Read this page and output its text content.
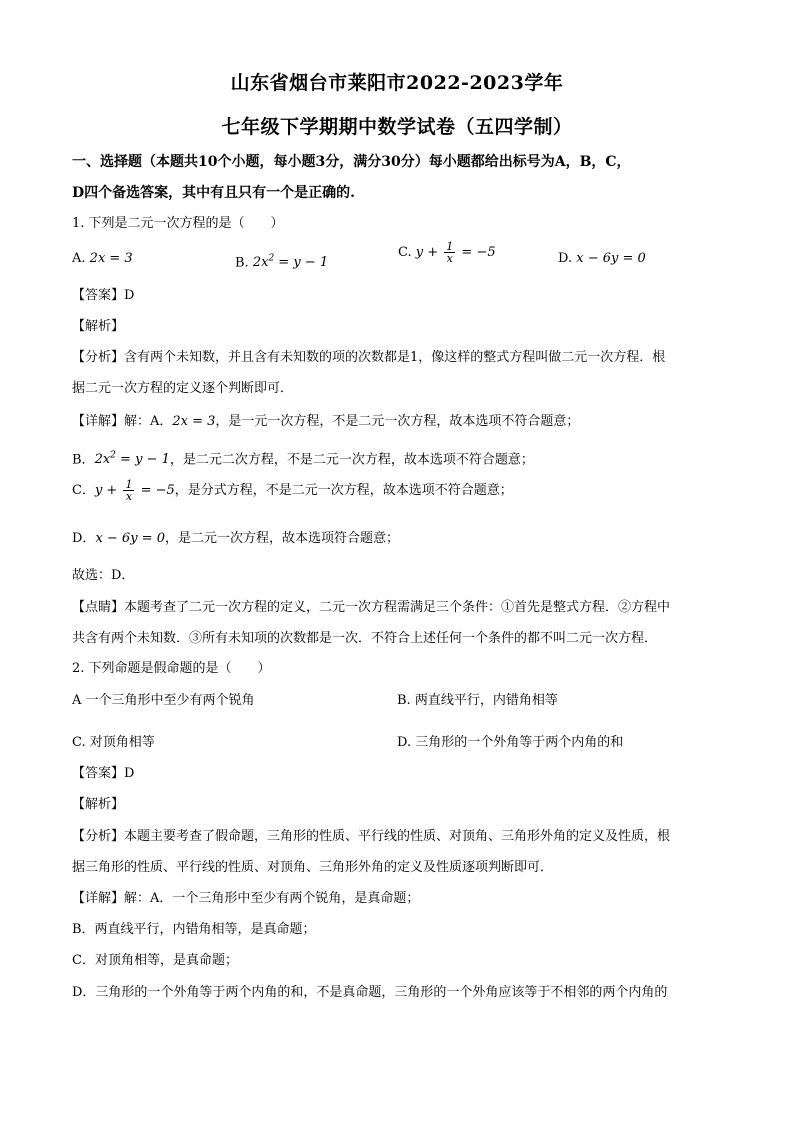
山东省烟台市莱阳市2022-2023学年
七年级下学期期中数学试卷（五四学制）
一、选择题（本题共10个小题，每小题3分，满分30分）每小题都给出标号为A，B，C，
D四个备选答案，其中有且只有一个是正确的.
1. 下列是二元一次方程的是（　　）
A. 2x = 3	B. $2x^2 = y - 1$
C. $y + \frac{1}{x} = -5$	D. x − 6y = 0
【答案】D
【解析】
【分析】含有两个未知数，并且含有未知数的项的次数都是1，像这样的整式方程叫做二元一次方程．根
据二元一次方程的定义逐个判断即可．
【详解】解：A．2x = 3，是一元一次方程，不是二元一次方程，故本选项不符合题意；
B．$2x^2 = y - 1$，是二元二次方程，不是二元一次方程，故本选项不符合题意；
C．$y + \frac{1}{x} = -5$，是分式方程，不是二元一次方程，故本选项不符合题意；
D．x − 6y = 0，是二元一次方程，故本选项符合题意；
故选：D．
【点睛】本题考查了二元一次方程的定义，二元一次方程需满足三个条件：①首先是整式方程．②方程中
共含有两个未知数．③所有未知项的次数都是一次．不符合上述任何一个条件的都不叫二元一次方程．
2. 下列命题是假命题的是（　　）
A 一个三角形中至少有两个锐角	B. 两直线平行，内错角相等
C. 对顶角相等	D. 三角形的一个外角等于两个内角的和
【答案】D
【解析】
【分析】本题主要考查了假命题，三角形的性质、平行线的性质、对顶角、三角形外角的定义及性质，根
据三角形的性质、平行线的性质、对顶角、三角形外角的定义及性质逐项判断即可．
【详解】解：A．一个三角形中至少有两个锐角，是真命题；
B．两直线平行，内错角相等，是真命题；
C．对顶角相等，是真命题；
D．三角形的一个外角等于两个内角的和，不是真命题，三角形的一个外角应该等于不相邻的两个内角的
